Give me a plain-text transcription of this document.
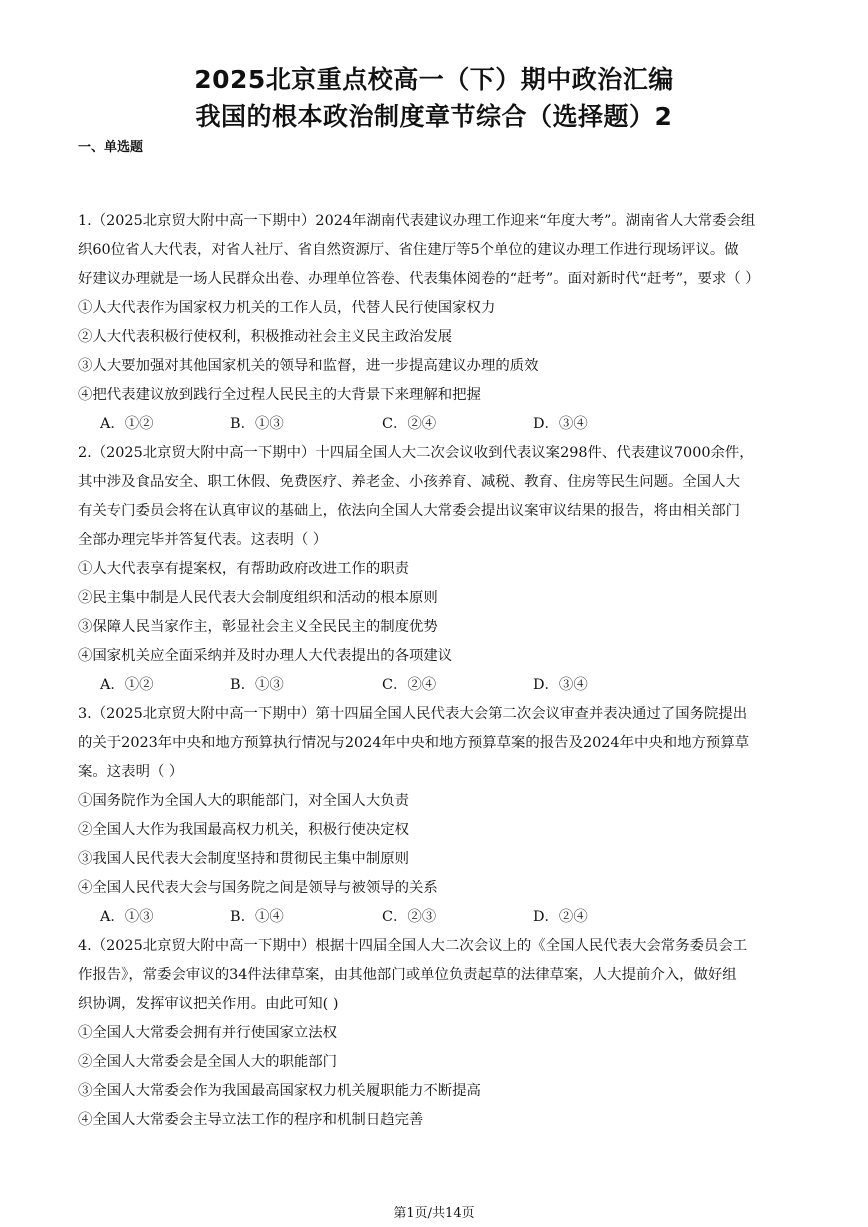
2025北京重点校高一（下）期中政治汇编
我国的根本政治制度章节综合（选择题）2
一、单选题
1.（2025北京贸大附中高一下期中）2024年湖南代表建议办理工作迎来“年度大考”。湖南省人大常委会组
织60位省人大代表，对省人社厅、省自然资源厅、省住建厅等5个单位的建议办理工作进行现场评议。做
好建议办理就是一场人民群众出卷、办理单位答卷、代表集体阅卷的“赶考”。面对新时代“赶考”，要求（ ）
①人大代表作为国家权力机关的工作人员，代替人民行使国家权力
②人大代表积极行使权利，积极推动社会主义民主政治发展
③人大要加强对其他国家机关的领导和监督，进一步提高建议办理的质效
④把代表建议放到践行全过程人民民主的大背景下来理解和把握
A．①②	B．①③	C．②④	D．③④
2.（2025北京贸大附中高一下期中）十四届全国人大二次会议收到代表议案298件、代表建议7000余件，
其中涉及食品安全、职工休假、免费医疗、养老金、小孩养育、减税、教育、住房等民生问题。全国人大
有关专门委员会将在认真审议的基础上，依法向全国人大常委会提出议案审议结果的报告，将由相关部门
全部办理完毕并答复代表。这表明（ ）
①人大代表享有提案权，有帮助政府改进工作的职责
②民主集中制是人民代表大会制度组织和活动的根本原则
③保障人民当家作主，彰显社会主义全民民主的制度优势
④国家机关应全面采纳并及时办理人大代表提出的各项建议
A．①②	B．①③	C．②④	D．③④
3.（2025北京贸大附中高一下期中）第十四届全国人民代表大会第二次会议审查并表决通过了国务院提出
的关于2023年中央和地方预算执行情况与2024年中央和地方预算草案的报告及2024年中央和地方预算草
案。这表明（ ）
①国务院作为全国人大的职能部门，对全国人大负责
②全国人大作为我国最高权力机关，积极行使决定权
③我国人民代表大会制度坚持和贯彻民主集中制原则
④全国人民代表大会与国务院之间是领导与被领导的关系
A．①③	B．①④	C．②③	D．②④
4.（2025北京贸大附中高一下期中）根据十四届全国人大二次会议上的《全国人民代表大会常务委员会工
作报告》，常委会审议的34件法律草案，由其他部门或单位负责起草的法律草案，人大提前介入，做好组
织协调，发挥审议把关作用。由此可知( )
①全国人大常委会拥有并行使国家立法权
②全国人大常委会是全国人大的职能部门
③全国人大常委会作为我国最高国家权力机关履职能力不断提高
④全国人大常委会主导立法工作的程序和机制日趋完善
第1页/共14页
